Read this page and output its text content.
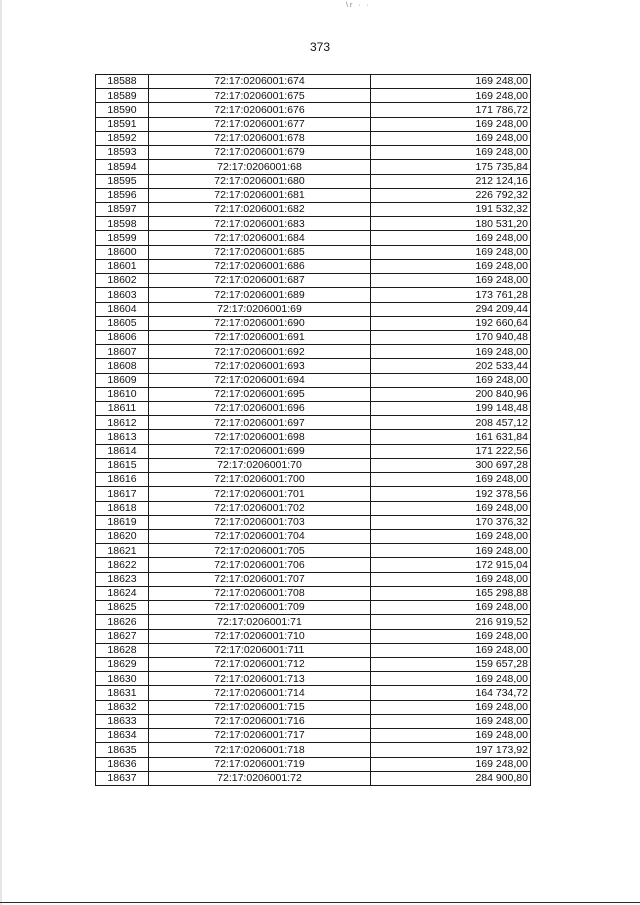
\r · ·
373
18588	72:17:0206001:674	169 248,00
18589	72:17:0206001:675	169 248,00
18590	72:17:0206001:676	171 786,72
18591	72:17:0206001:677	169 248,00
18592	72:17:0206001:678	169 248,00
18593	72:17:0206001:679	169 248,00
18594	72:17:0206001:68	175 735,84
18595	72:17:0206001:680	212 124,16
18596	72:17:0206001:681	226 792,32
18597	72:17:0206001:682	191 532,32
18598	72:17:0206001:683	180 531,20
18599	72:17:0206001:684	169 248,00
18600	72:17:0206001:685	169 248,00
18601	72:17:0206001:686	169 248,00
18602	72:17:0206001:687	169 248,00
18603	72:17:0206001:689	173 761,28
18604	72:17:0206001:69	294 209,44
18605	72:17:0206001:690	192 660,64
18606	72:17:0206001:691	170 940,48
18607	72:17:0206001:692	169 248,00
18608	72:17:0206001:693	202 533,44
18609	72:17:0206001:694	169 248,00
18610	72:17:0206001:695	200 840,96
18611	72:17:0206001:696	199 148,48
18612	72:17:0206001:697	208 457,12
18613	72:17:0206001:698	161 631,84
18614	72:17:0206001:699	171 222,56
18615	72:17:0206001:70	300 697,28
18616	72:17:0206001:700	169 248,00
18617	72:17:0206001:701	192 378,56
18618	72:17:0206001:702	169 248,00
18619	72:17:0206001:703	170 376,32
18620	72:17:0206001:704	169 248,00
18621	72:17:0206001:705	169 248,00
18622	72:17:0206001:706	172 915,04
18623	72:17:0206001:707	169 248,00
18624	72:17:0206001:708	165 298,88
18625	72:17:0206001:709	169 248,00
18626	72:17:0206001:71	216 919,52
18627	72:17:0206001:710	169 248,00
18628	72:17:0206001:711	169 248,00
18629	72:17:0206001:712	159 657,28
18630	72:17:0206001:713	169 248,00
18631	72:17:0206001:714	164 734,72
18632	72:17:0206001:715	169 248,00
18633	72:17:0206001:716	169 248,00
18634	72:17:0206001:717	169 248,00
18635	72:17:0206001:718	197 173,92
18636	72:17:0206001:719	169 248,00
18637	72:17:0206001:72	284 900,80
